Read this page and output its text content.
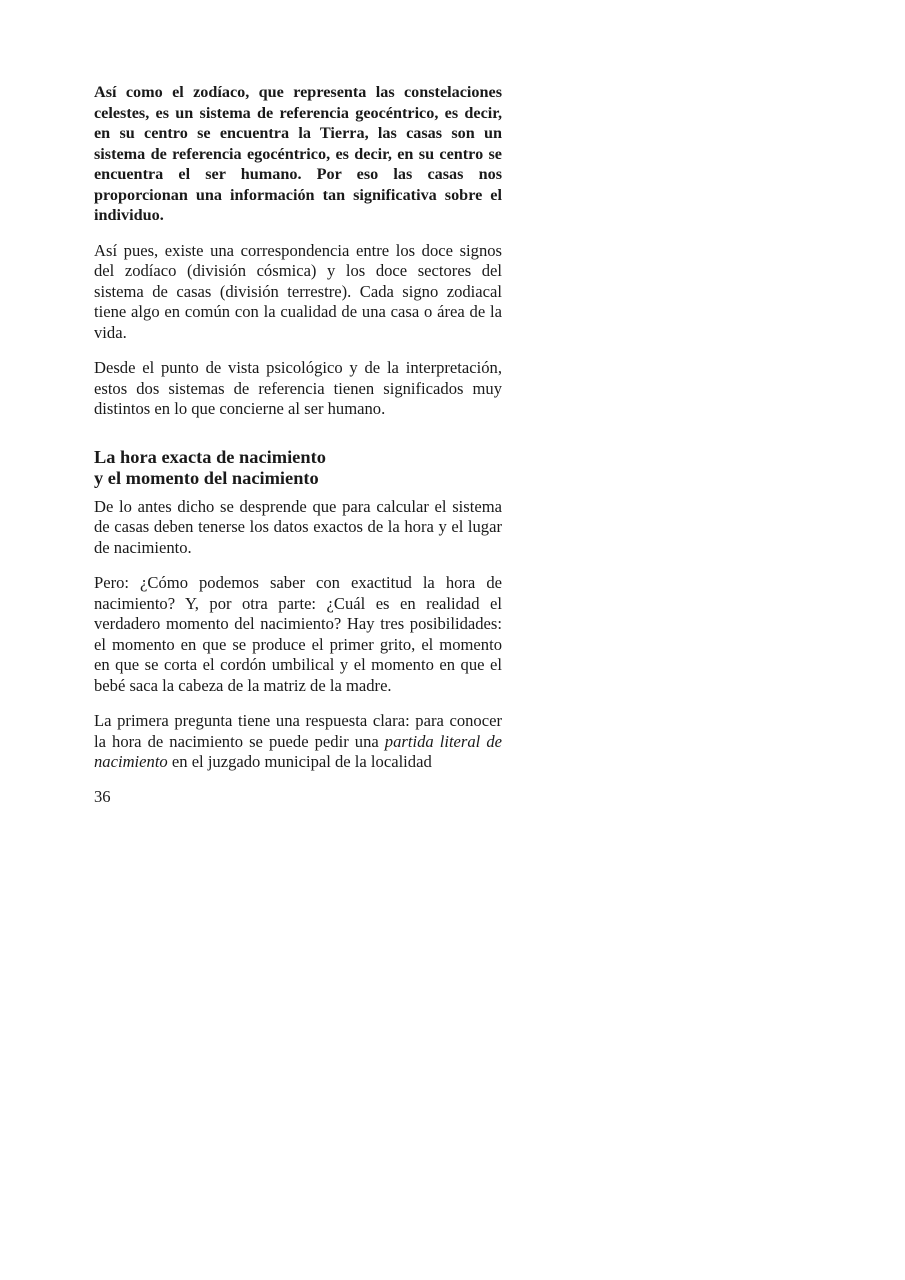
Así como el zodíaco, que representa las constelaciones celestes, es un sistema de referencia geocéntrico, es decir, en su centro se encuentra la Tierra, las casas son un sistema de referencia egocéntrico, es decir, en su centro se encuentra el ser humano. Por eso las casas nos proporcionan una información tan significativa sobre el individuo.

Así pues, existe una correspondencia entre los doce signos del zodíaco (división cósmica) y los doce sectores del sistema de casas (división terrestre). Cada signo zodiacal tiene algo en común con la cualidad de una casa o área de la vida.

Desde el punto de vista psicológico y de la interpretación, estos dos sistemas de referencia tienen significados muy distintos en lo que concierne al ser humano.

La hora exacta de nacimiento
y el momento del nacimiento

De lo antes dicho se desprende que para calcular el sistema de casas deben tenerse los datos exactos de la hora y el lugar de nacimiento.

Pero: ¿Cómo podemos saber con exactitud la hora de nacimiento? Y, por otra parte: ¿Cuál es en realidad el verdadero momento del nacimiento? Hay tres posibilidades: el momento en que se produce el primer grito, el momento en que se corta el cordón umbilical y el momento en que el bebé saca la cabeza de la matriz de la madre.

La primera pregunta tiene una respuesta clara: para conocer la hora de nacimiento se puede pedir una partida literal de nacimiento en el juzgado municipal de la localidad

36
